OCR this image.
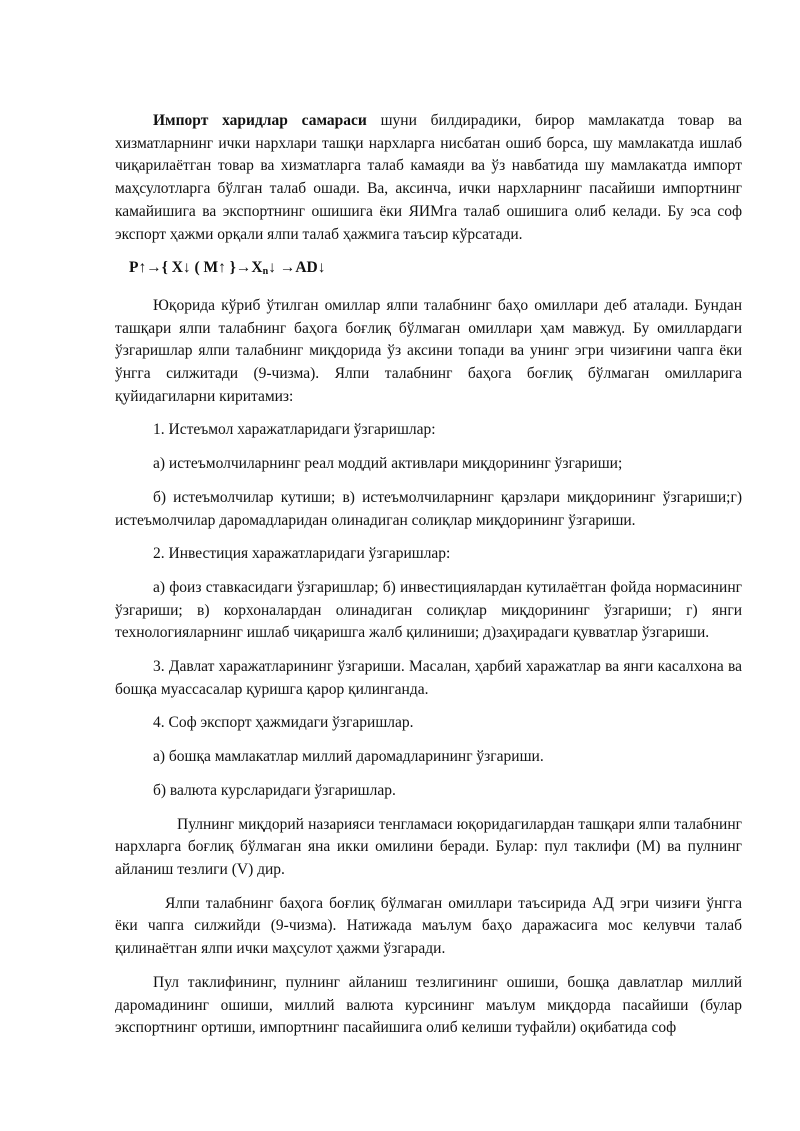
Импорт харидлар самараси шуни билдирадики, бирор мамлакатда товар ва хизматларнинг ички нархлари ташқи нархларга нисбатан ошиб борса, шу мамлакатда ишлаб чиқарилаётган товар ва хизматларга талаб камаяди ва ўз навбатида шу мамлакатда импорт маҳсулотларга бўлган талаб ошади. Ва, аксинча, ички нархларнинг пасайиши импортнинг камайишига ва экспортнинг ошишига ёки ЯИМга талаб ошишига олиб келади. Бу эса соф экспорт ҳажми орқали ялпи талаб ҳажмига таъсир кўрсатади.

P↑→{ X↓ ( M↑ }$\to X_n↓$ →AD↓

Юқорида кўриб ўтилган омиллар ялпи талабнинг баҳо омиллари деб аталади. Бундан ташқари ялпи талабнинг баҳога боғлиқ бўлмаган омиллари ҳам мавжуд. Бу омиллардаги ўзгаришлар ялпи талабнинг миқдорида ўз аксини топади ва унинг эгри чизиғини чапга ёки ўнгга силжитади (9-чизма). Ялпи талабнинг баҳога боғлиқ бўлмаган омилларига қуйидагиларни киритамиз:

1. Истеъмол харажатларидаги ўзгаришлар:

а) истеъмолчиларнинг реал моддий активлари миқдорининг ўзгариши;

б) истеъмолчилар кутиши; в) истеъмолчиларнинг қарзлари миқдорининг ўзгариши;г) истеъмолчилар даромадларидан олинадиган солиқлар миқдорининг ўзгариши.

2. Инвестиция харажатларидаги ўзгаришлар:

а) фоиз ставкасидаги ўзгаришлар; б) инвестициялардан кутилаётган фойда нормасининг ўзгариши; в) корхоналардан олинадиган солиқлар миқдорининг ўзгариши; г) янги технологияларнинг ишлаб чиқаришга жалб қилиниши; д)заҳирадаги қувватлар ўзгариши.

3. Давлат харажатларининг ўзгариши. Масалан, ҳарбий харажатлар ва янги касалхона ва бошқа муассасалар қуришга қарор қилинганда.

4. Соф экспорт ҳажмидаги ўзгаришлар.

а) бошқа мамлакатлар миллий даромадларининг ўзгариши.

б) валюта курсларидаги ўзгаришлар.

Пулнинг миқдорий назарияси тенгламаси юқоридагилардан ташқари ялпи талабнинг нархларга боғлиқ бўлмаган яна икки омилини беради. Булар: пул таклифи (М) ва пулнинг айланиш тезлиги (V) дир.

Ялпи талабнинг баҳога боғлиқ бўлмаган омиллари таъсирида АД эгри чизиғи ўнгга ёки чапга силжийди (9-чизма). Натижада маълум баҳо даражасига мос келувчи талаб қилинаётган ялпи ички маҳсулот ҳажми ўзгаради.

Пул таклифининг, пулнинг айланиш тезлигининг ошиши, бошқа давлатлар миллий даромадининг ошиши, миллий валюта курсининг маълум миқдорда пасайиши (булар экспортнинг ортиши, импортнинг пасайишига олиб келиши туфайли) оқибатида соф
